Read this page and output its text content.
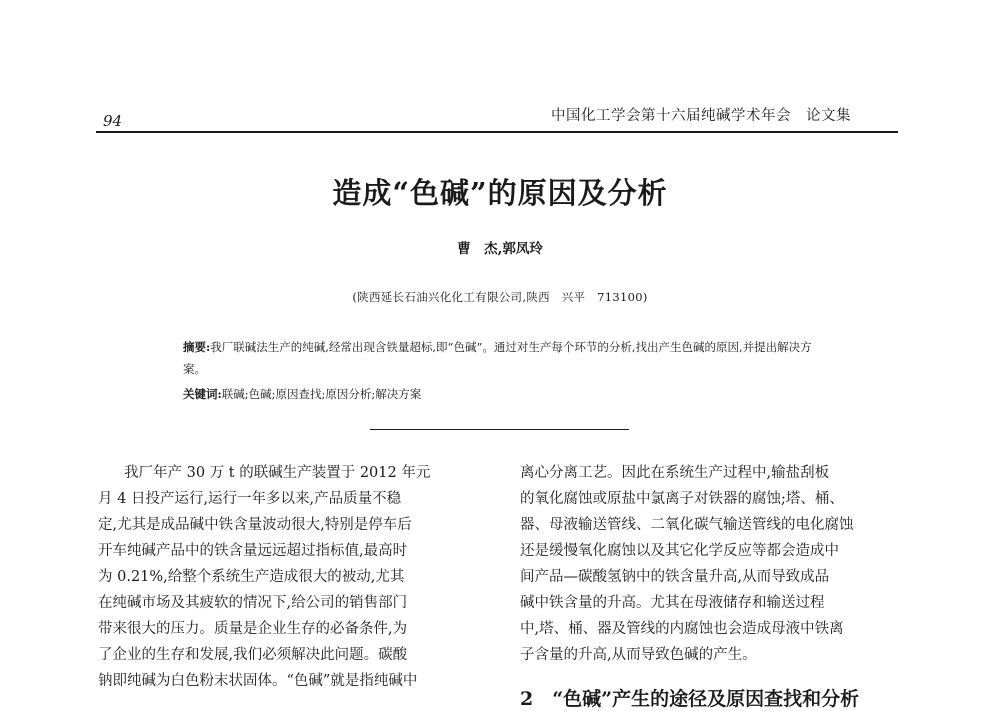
94	中国化工学会第十六届纯碱学术年会　论文集
造成“色碱”的原因及分析
曹　杰,郭凤玲
(陕西延长石油兴化化工有限公司,陕西　兴平　713100)
摘要:我厂联碱法生产的纯碱,经常出现含铁量超标,即“色碱”。通过对生产每个环节的分析,找出产生色碱的原因,并提出解决方案。
关键词:联碱;色碱;原因查找;原因分析;解决方案
我厂年产 30 万 t 的联碱生产装置于 2012 年元
月 4 日投产运行,运行一年多以来,产品质量不稳
定,尤其是成品碱中铁含量波动很大,特别是停车后
开车纯碱产品中的铁含量远远超过指标值,最高时
为 0.21%,给整个系统生产造成很大的被动,尤其
在纯碱市场及其疲软的情况下,给公司的销售部门
带来很大的压力。质量是企业生存的必备条件,为
了企业的生存和发展,我们必须解决此问题。碳酸
钠即纯碱为白色粉末状固体。“色碱”就是指纯碱中
离心分离工艺。因此在系统生产过程中,输盐刮板
的氧化腐蚀或原盐中氯离子对铁器的腐蚀;塔、桶、
器、母液输送管线、二氧化碳气输送管线的电化腐蚀
还是缓慢氧化腐蚀以及其它化学反应等都会造成中
间产品—碳酸氢钠中的铁含量升高,从而导致成品
碱中铁含量的升高。尤其在母液储存和输送过程
中,塔、桶、器及管线的内腐蚀也会造成母液中铁离
子含量的升高,从而导致色碱的产生。
2　“色碱”产生的途径及原因查找和分析
